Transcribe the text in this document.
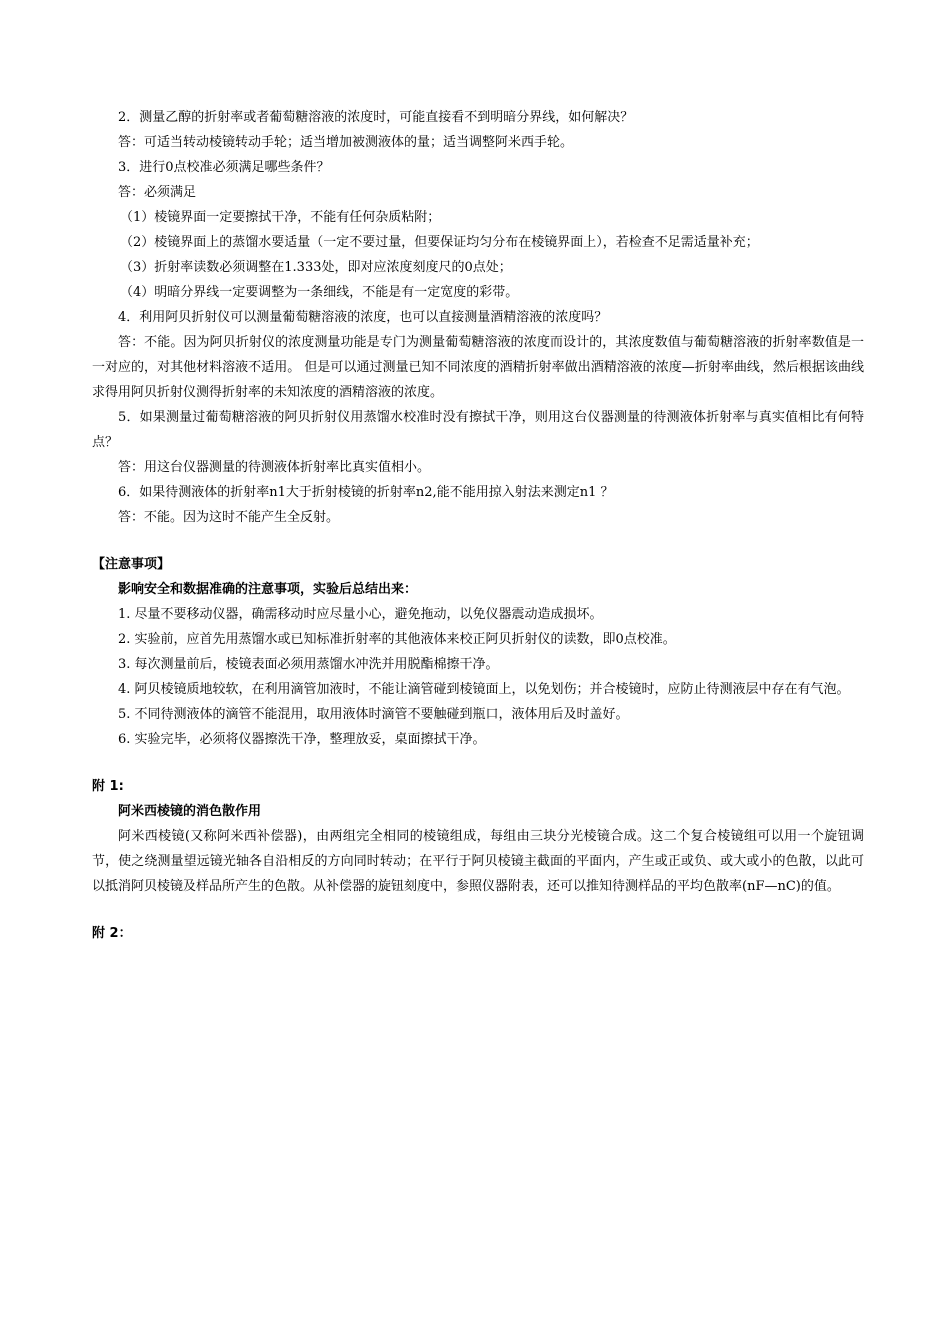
2．测量乙醇的折射率或者葡萄糖溶液的浓度时，可能直接看不到明暗分界线，如何解决？

答：可适当转动棱镜转动手轮；适当增加被测液体的量；适当调整阿米西手轮。

3．进行0点校准必须满足哪些条件？

答：必须满足

（1）棱镜界面一定要擦拭干净，不能有任何杂质粘附；

（2）棱镜界面上的蒸馏水要适量（一定不要过量，但要保证均匀分布在棱镜界面上），若检查不足需适量补充；

（3）折射率读数必须调整在1.333处，即对应浓度刻度尺的0点处；

（4）明暗分界线一定要调整为一条细线，不能是有一定宽度的彩带。

4．利用阿贝折射仪可以测量葡萄糖溶液的浓度，也可以直接测量酒精溶液的浓度吗？

答：不能。因为阿贝折射仪的浓度测量功能是专门为测量葡萄糖溶液的浓度而设计的，其浓度数值与葡萄糖溶液的折射率数值是一一对应的，对其他材料溶液不适用。 但是可以通过测量已知不同浓度的酒精折射率做出酒精溶液的浓度—折射率曲线，然后根据该曲线求得用阿贝折射仪测得折射率的未知浓度的酒精溶液的浓度。

5．如果测量过葡萄糖溶液的阿贝折射仪用蒸馏水校准时没有擦拭干净，则用这台仪器测量的待测液体折射率与真实值相比有何特点？

答：用这台仪器测量的待测液体折射率比真实值相小。

6．如果待测液体的折射率n1大于折射棱镜的折射率n2,能不能用掠入射法来测定n1 ？

答：不能。因为这时不能产生全反射。

【注意事项】

影响安全和数据准确的注意事项，实验后总结出来：

1. 尽量不要移动仪器，确需移动时应尽量小心，避免拖动，以免仪器震动造成损坏。

2. 实验前，应首先用蒸馏水或已知标准折射率的其他液体来校正阿贝折射仪的读数，即0点校准。

3. 每次测量前后，棱镜表面必须用蒸馏水冲洗并用脱酯棉擦干净。

4. 阿贝棱镜质地较软，在利用滴管加液时，不能让滴管碰到棱镜面上，以免划伤；并合棱镜时，应防止待测液层中存在有气泡。

5. 不同待测液体的滴管不能混用，取用液体时滴管不要触碰到瓶口，液体用后及时盖好。

6. 实验完毕，必须将仪器擦洗干净，整理放妥，桌面擦拭干净。

附 1:

阿米西棱镜的消色散作用

阿米西棱镜(又称阿米西补偿器)，由两组完全相同的棱镜组成，每组由三块分光棱镜合成。这二个复合棱镜组可以用一个旋钮调节，使之绕测量望远镜光轴各自沿相反的方向同时转动；在平行于阿贝棱镜主截面的平面内，产生或正或负、或大或小的色散，以此可以抵消阿贝棱镜及样品所产生的色散。从补偿器的旋钮刻度中，参照仪器附表，还可以推知待测样品的平均色散率(nF—nC)的值。

附 2：
